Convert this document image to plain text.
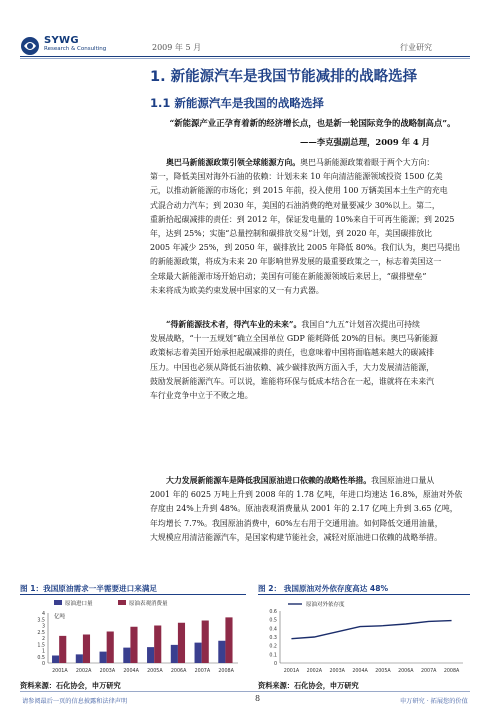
SYWG
Research & Consulting	2009 年 5 月	行业研究
1. 新能源汽车是我国节能减排的战略选择
1.1 新能源汽车是我国的战略选择
“新能源产业正孕育着新的经济增长点，也是新一轮国际竞争的战略制高点”。
——李克强副总理，2009 年 4 月
奥巴马新能源政策引领全球能源方向。奥巴马新能源政策着眼于两个大方向：
第一，降低美国对海外石油的依赖：计划未来 10 年向清洁能源领域投资 1500 亿美
元，以推动新能源的市场化；到 2015 年前，投入使用 100 万辆美国本土生产的充电
式混合动力汽车；到 2030 年，美国的石油消费的绝对量要减少 30%以上。第二，
重新拾起碳减排的责任：到 2012 年，保证发电量的 10%来自于可再生能源；到 2025
年，达到 25%；实施“总量控制和碳排放交易”计划，到 2020 年，美国碳排放比
2005 年减少 25%，到 2050 年，碳排放比 2005 年降低 80%。我们认为，奥巴马提出
的新能源政策，将成为未来 20 年影响世界发展的最重要政策之一，标志着美国这一
全球最大新能源市场开始启动；美国有可能在新能源领域后来居上，“碳排壁垒”
未来将成为欧美约束发展中国家的又一有力武器。
“得新能源技术者，得汽车业的未来”。我国自“九五”计划首次提出可持续
发展战略，“十一五规划”确立全国单位 GDP 能耗降低 20%的目标。奥巴马新能源
政策标志着美国开始承担起碳减排的责任，也意味着中国将面临越来越大的碳减排
压力。中国也必须从降低石油依赖、减少碳排放两方面入手，大力发展清洁能源，
鼓励发展新能源汽车。可以说，谁能将环保与低成本结合在一起，谁就将在未来汽
车行业竞争中立于不败之地。
大力发展新能源车是降低我国原油进口依赖的战略性举措。我国原油进口量从
2001 年的 6025 万吨上升到 2008 年的 1.78 亿吨，年进口均速达 16.8%，原油对外依
存度由 24%上升到 48%。原油表观消费量从 2001 年的 2.17 亿吨上升到 3.65 亿吨，
年均增长 7.7%。我国原油消费中，60%左右用于交通用油。如何降低交通用油量，
大规模应用清洁能源汽车，是国家构建节能社会，减轻对原油进口依赖的战略举措。
图 1：我国原油需求一半需要进口来满足
原油进口量	原油表观消费量
亿吨
4
3.5
3
2.5
2
1.5
1
0.5
0
2001A 2002A 2003A 2004A 2005A 2006A 2007A 2008A
资料来源：石化协会，申万研究
图 2： 我国原油对外依存度高达 48%
原油对外依存度
0.6
0.5
0.4
0.3
0.2
0.1
0
2001A 2002A 2003A 2004A 2005A 2006A 2007A 2008A
资料来源：石化协会，申万研究
请参阅最后一页的信息披露和法律声明	8	申万研究 · 拓展您的价值
